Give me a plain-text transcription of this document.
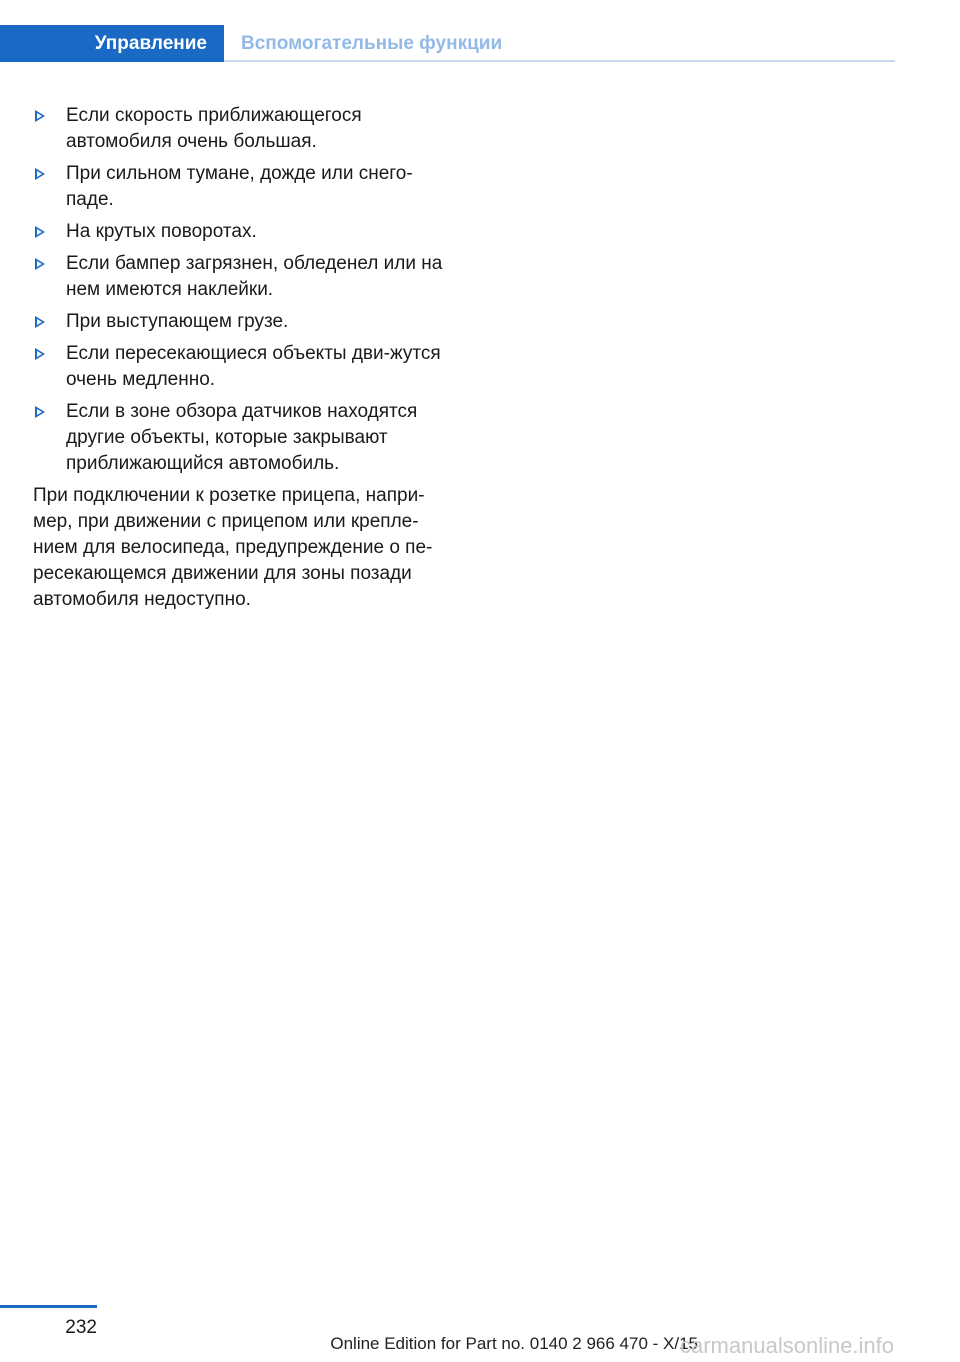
Управление	Вспомогательные функции
Если скорость приближающегося автомобиля очень большая.
При сильном тумане, дожде или снего-паде.
На крутых поворотах.
Если бампер загрязнен, обледенел или на нем имеются наклейки.
При выступающем грузе.
Если пересекающиеся объекты дви-жутся очень медленно.
Если в зоне обзора датчиков находятся другие объекты, которые закрывают приближающийся автомобиль.

При подключении к розетке прицепа, напри-мер, при движении с прицепом или крепле-нием для велосипеда, предупреждение о пе-ресекающемся движении для зоны позади автомобиля недоступно.

232
Online Edition for Part no. 0140 2 966 470 - X/15
carmanualsonline.info
